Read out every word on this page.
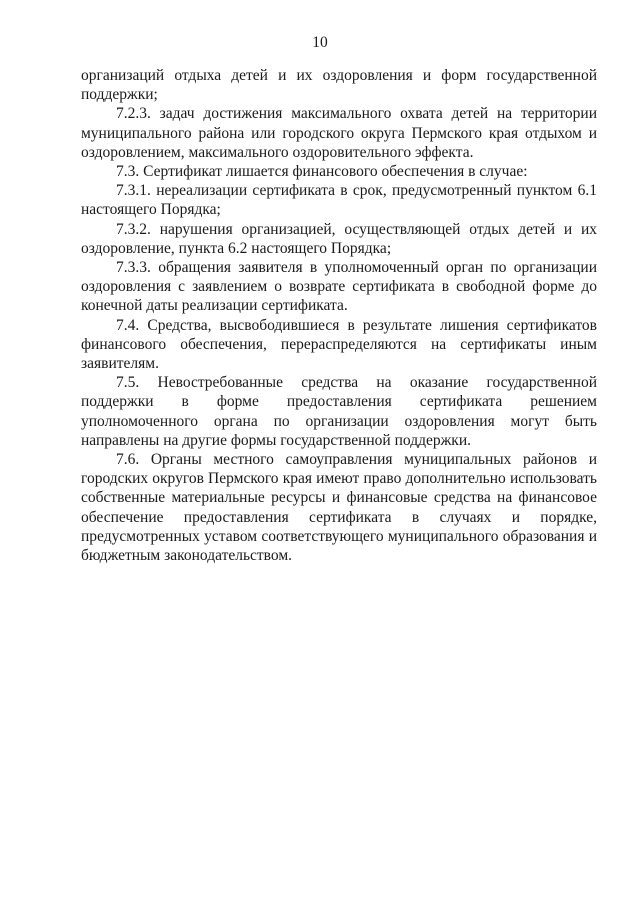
10

организаций отдыха детей и их оздоровления и форм государственной поддержки;

7.2.3. задач достижения максимального охвата детей на территории муниципального района или городского округа Пермского края отдыхом и оздоровлением, максимального оздоровительного эффекта.

7.3. Сертификат лишается финансового обеспечения в случае:

7.3.1. нереализации сертификата в срок, предусмотренный пунктом 6.1 настоящего Порядка;

7.3.2. нарушения организацией, осуществляющей отдых детей и их оздоровление, пункта 6.2 настоящего Порядка;

7.3.3. обращения заявителя в уполномоченный орган по организации оздоровления с заявлением о возврате сертификата в свободной форме до конечной даты реализации сертификата.

7.4. Средства, высвободившиеся в результате лишения сертификатов финансового обеспечения, перераспределяются на сертификаты иным заявителям.

7.5. Невостребованные средства на оказание государственной поддержки в форме предоставления сертификата решением уполномоченного органа по организации оздоровления могут быть направлены на другие формы государственной поддержки.

7.6. Органы местного самоуправления муниципальных районов и городских округов Пермского края имеют право дополнительно использовать собственные материальные ресурсы и финансовые средства на финансовое обеспечение предоставления сертификата в случаях и порядке, предусмотренных уставом соответствующего муниципального образования и бюджетным законодательством.
